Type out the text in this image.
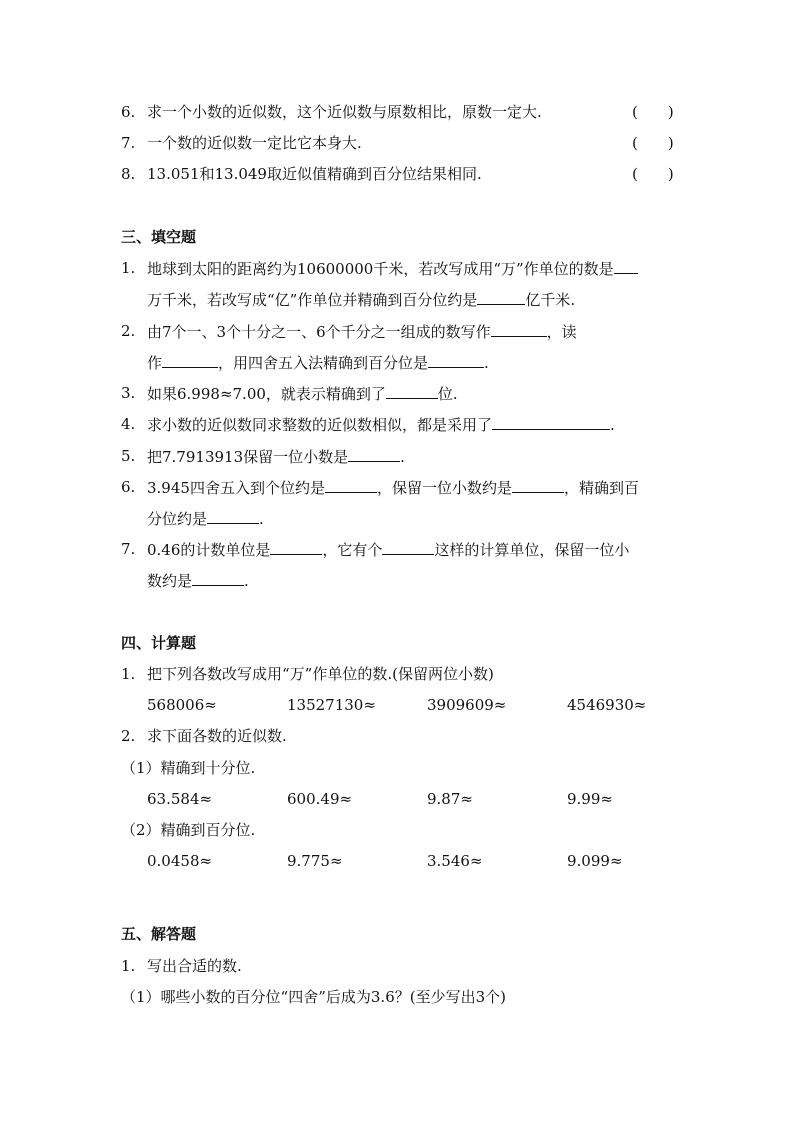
6. 求一个小数的近似数，这个近似数与原数相比，原数一定大.	(　　)
7. 一个数的近似数一定比它本身大.	(　　)
8. 13.051和13.049取近似值精确到百分位结果相同.	(　　)
三、填空题
1. 地球到太阳的距离约为10600000千米，若改写成用“万”作单位的数是
万千米，若改写成“亿”作单位并精确到百分位约是	亿千米.
2. 由7个一、3个十分之一、6个千分之一组成的数写作	，读
作	，用四舍五入法精确到百分位是	.
3. 如果6.998≈7.00，就表示精确到了	位.
4. 求小数的近似数同求整数的近似数相似，都是采用了	.
5. 把7.7913913保留一位小数是	.
6. 3.945四舍五入到个位约是	，保留一位小数约是	，精确到百
分位约是	.
7. 0.46的计数单位是	，它有个	这样的计算单位，保留一位小
数约是	.
四、计算题
1. 把下列各数改写成用“万”作单位的数.(保留两位小数)
568006≈	13527130≈	3909609≈	4546930≈
2. 求下面各数的近似数.
（1）精确到十分位.
63.584≈	600.49≈	9.87≈	9.99≈
（2）精确到百分位.
0.0458≈	9.775≈	3.546≈	9.099≈
五、解答题
1. 写出合适的数.
（1）哪些小数的百分位“四舍”后成为3.6？(至少写出3个)
